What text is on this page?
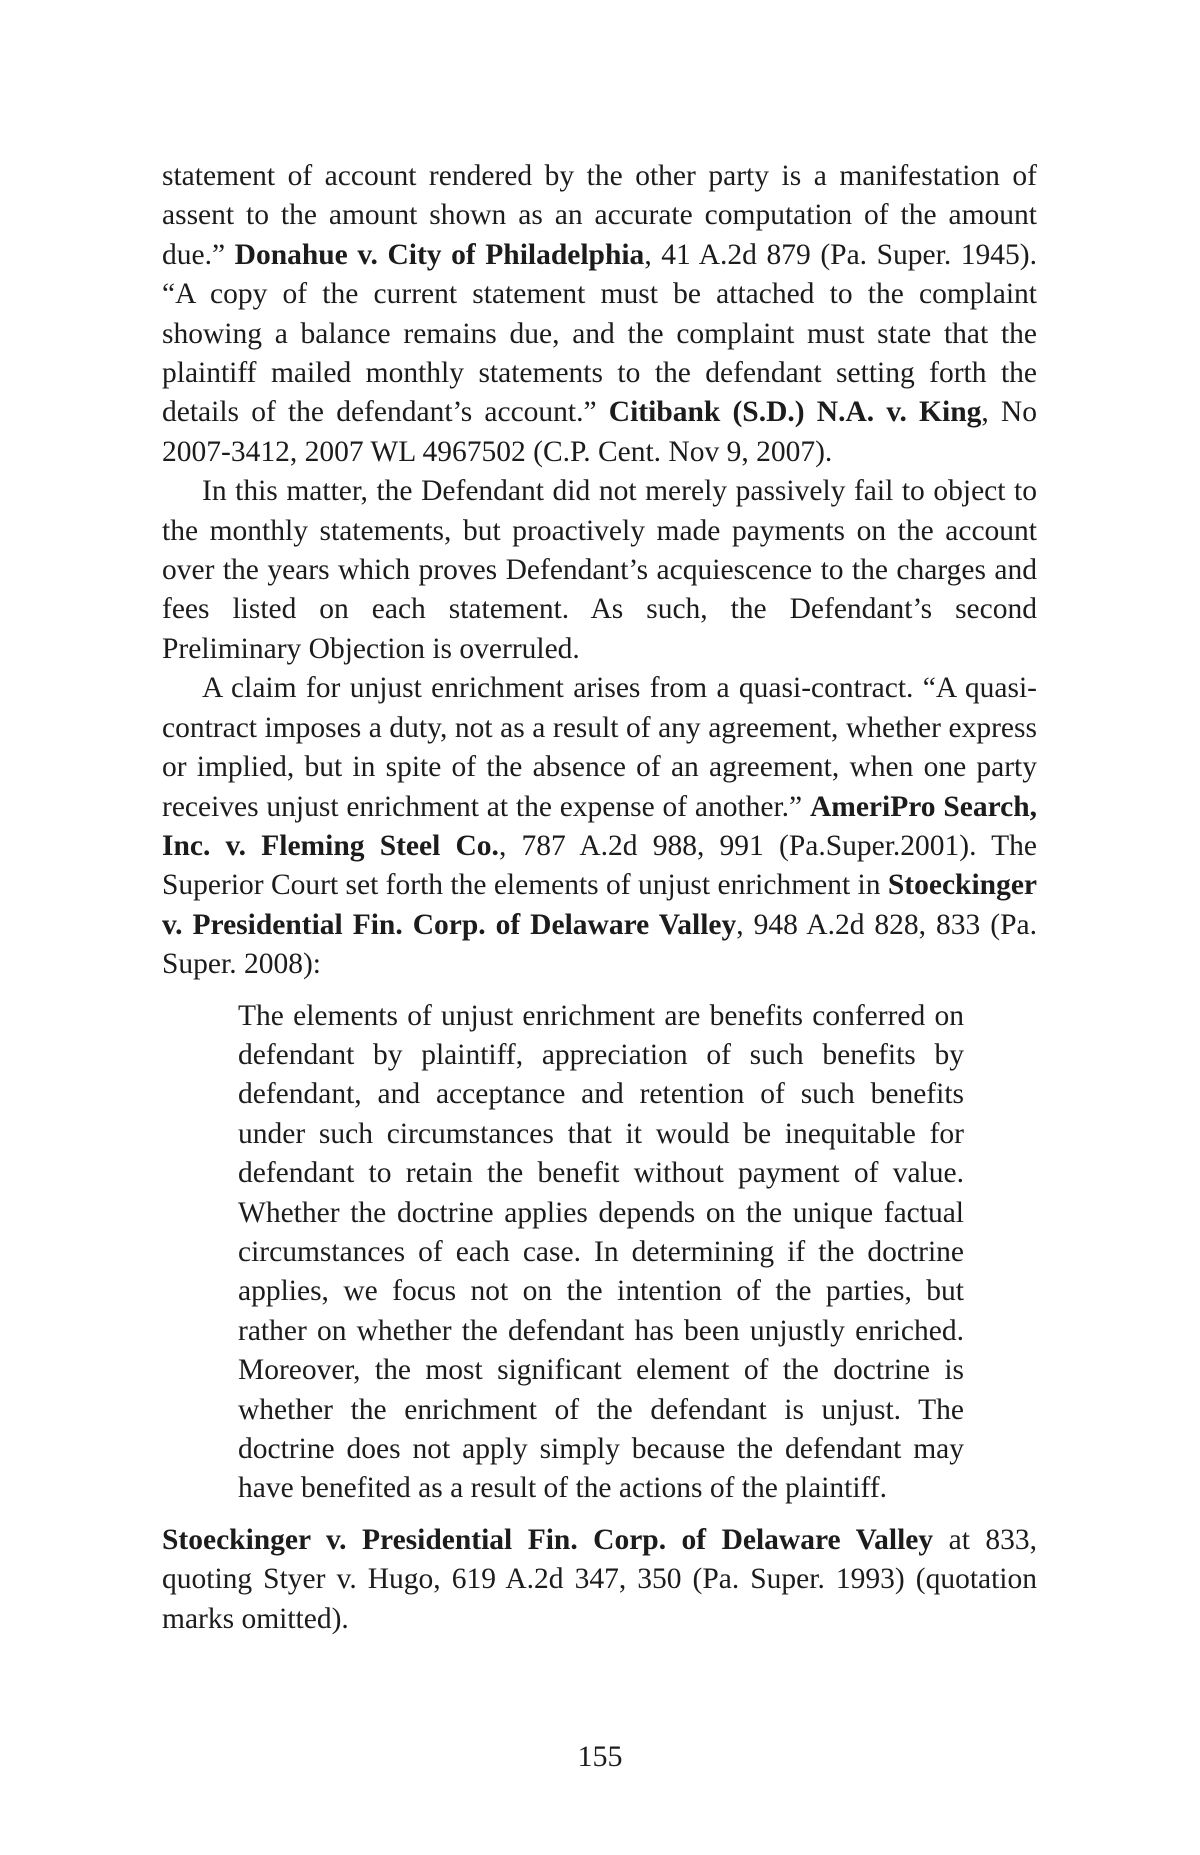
statement of account rendered by the other party is a manifestation of assent to the amount shown as an accurate computation of the amount due.” Donahue v. City of Philadelphia, 41 A.2d 879 (Pa. Super. 1945). “A copy of the current statement must be attached to the complaint showing a balance remains due, and the complaint must state that the plaintiff mailed monthly statements to the defendant setting forth the details of the defendant’s account.” Citibank (S.D.) N.A. v. King, No 2007-3412, 2007 WL 4967502 (C.P. Cent. Nov 9, 2007).

In this matter, the Defendant did not merely passively fail to object to the monthly statements, but proactively made payments on the account over the years which proves Defendant’s acquiescence to the charges and fees listed on each statement. As such, the Defendant’s second Preliminary Objection is overruled.

A claim for unjust enrichment arises from a quasi-contract. “A quasi-contract imposes a duty, not as a result of any agreement, whether express or implied, but in spite of the absence of an agreement, when one party receives unjust enrichment at the expense of another.” AmeriPro Search, Inc. v. Fleming Steel Co., 787 A.2d 988, 991 (Pa.Super.2001). The Superior Court set forth the elements of unjust enrichment in Stoeckinger v. Presidential Fin. Corp. of Delaware Valley, 948 A.2d 828, 833 (Pa. Super. 2008):

The elements of unjust enrichment are benefits conferred on defendant by plaintiff, appreciation of such benefits by defendant, and acceptance and retention of such benefits under such circumstances that it would be inequitable for defendant to retain the benefit without payment of value. Whether the doctrine applies depends on the unique factual circumstances of each case. In determining if the doctrine applies, we focus not on the intention of the parties, but rather on whether the defendant has been unjustly enriched. Moreover, the most significant element of the doctrine is whether the enrichment of the defendant is unjust. The doctrine does not apply simply because the defendant may have benefited as a result of the actions of the plaintiff.

Stoeckinger v. Presidential Fin. Corp. of Delaware Valley at 833, quoting Styer v. Hugo, 619 A.2d 347, 350 (Pa. Super. 1993) (quotation marks omitted).

155
